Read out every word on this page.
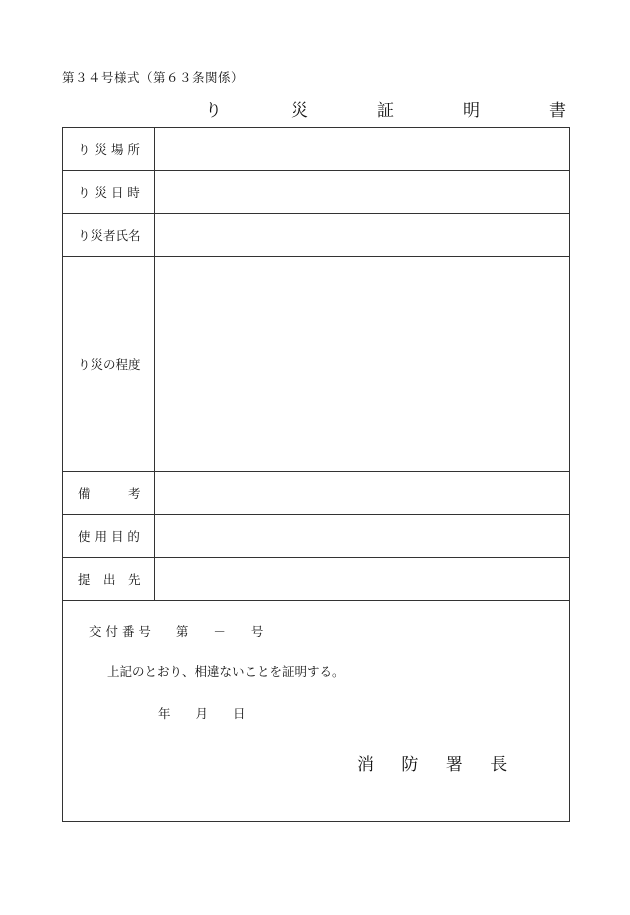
第３４号様式（第６３条関係）
り　災　証　明　書
り 災 場 所	
り 災 日 時	
り災者氏名	
り災の程度	
備　　　考	
使 用 目 的	
提　出　先	
交 付 番 号　　第　　－　　号
上記のとおり、相違ないことを証明する。
年　　月　　日
消 防 署 長
